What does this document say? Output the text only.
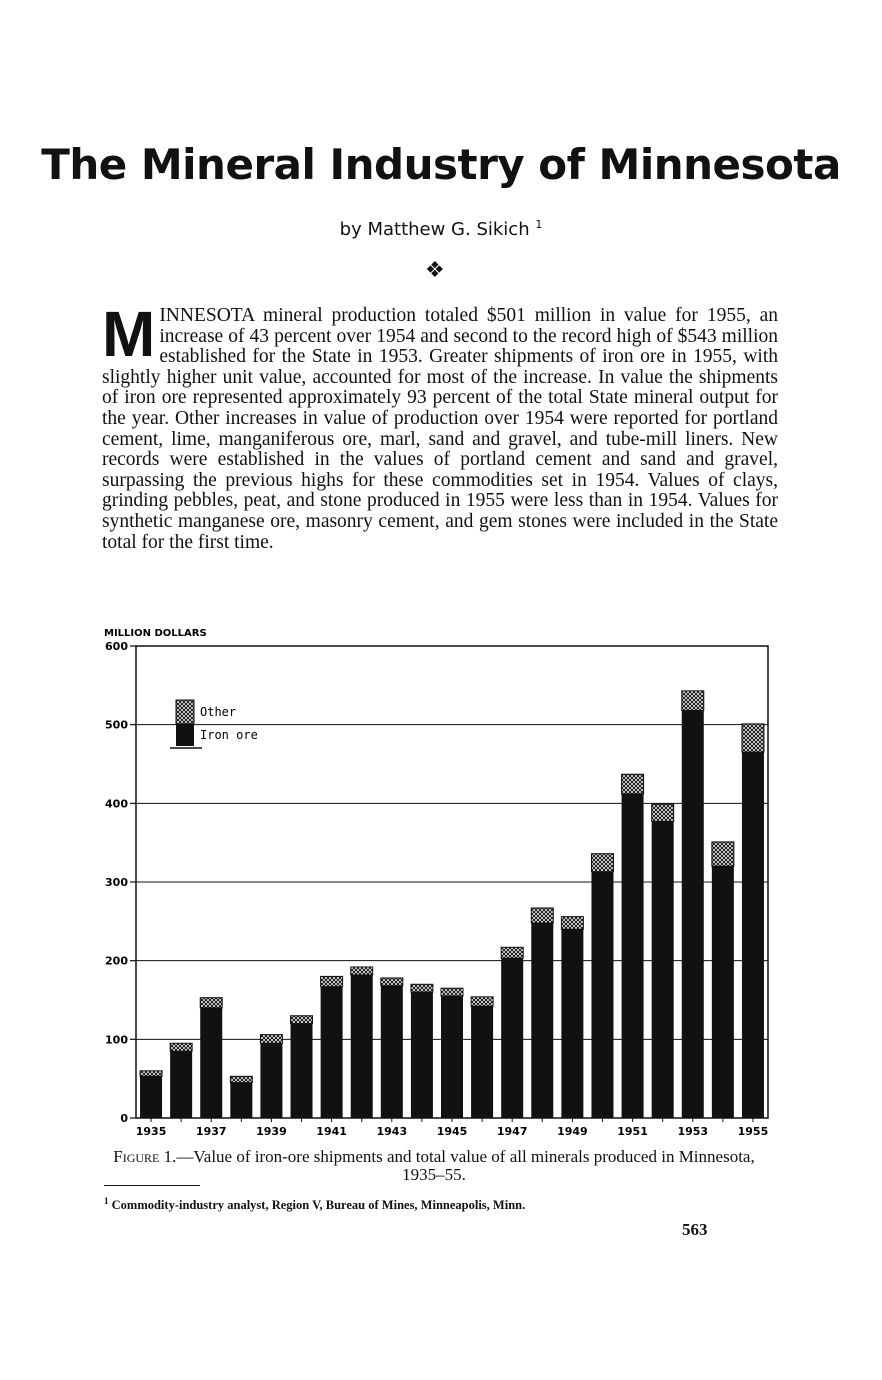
The Mineral Industry of Minnesota
by Matthew G. Sikich $^1$
❖

MINNESOTA mineral production totaled $501 million in value for 1955, an increase of 43 percent over 1954 and second to the record high of $543 million established for the State in 1953. Greater shipments of iron ore in 1955, with slightly higher unit value, accounted for most of the increase. In value the shipments of iron ore represented approximately 93 percent of the total State mineral output for the year. Other increases in value of production over 1954 were reported for portland cement, lime, manganiferous ore, marl, sand and gravel, and tube-mill liners. New records were established in the values of portland cement and sand and gravel, surpassing the previous highs for these commodities set in 1954. Values of clays, grinding pebbles, peat, and stone produced in 1955 were less than in 1954. Values for synthetic manganese ore, masonry cement, and gem stones were included in the State total for the first time.

MILLION DOLLARS
0
100
200
300
400
500
600
1935	1937	1939	1941	1943	1945	1947	1949	1951	1953	1955
Other
Iron ore
Figure 1.—Value of iron-ore shipments and total value of all minerals produced in Minnesota, 1935–55.
$^1$ Commodity-industry analyst, Region V, Bureau of Mines, Minneapolis, Minn.
563
